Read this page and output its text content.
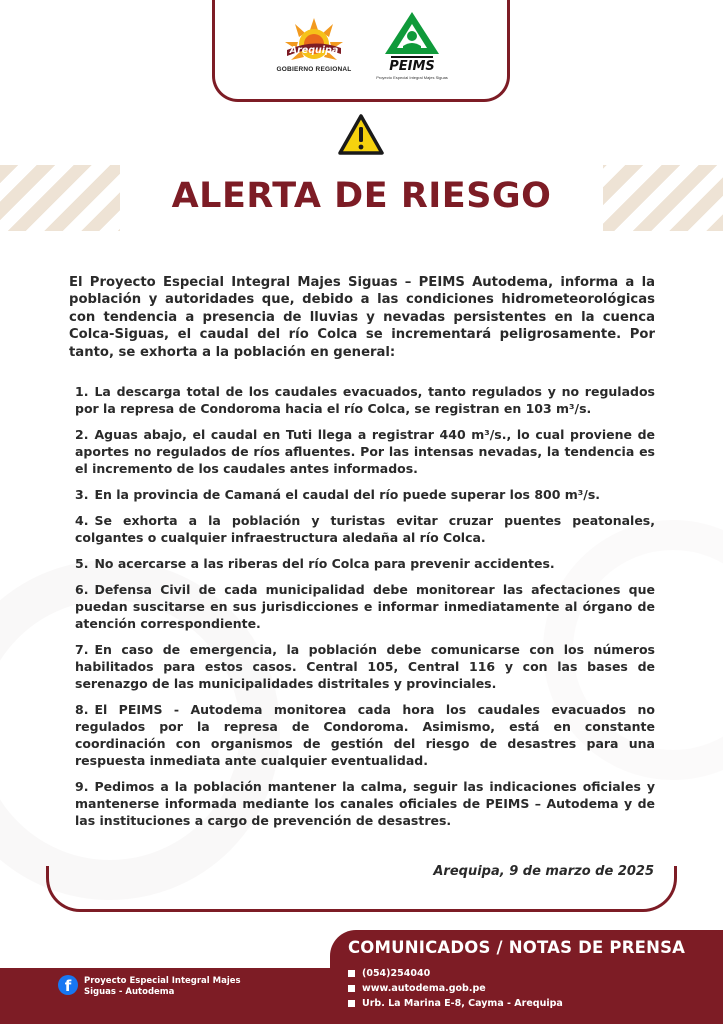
Arequipa
GOBIERNO REGIONAL	PEIMS
Proyecto Especial Integral Majes Siguas
ALERTA DE RIESGO

El Proyecto Especial Integral Majes Siguas – PEIMS Autodema, informa a la población y autoridades que, debido a las condiciones hidrometeorológicas con tendencia a presencia de lluvias y nevadas persistentes en la cuenca Colca-Siguas, el caudal del río Colca se incrementará peligrosamente. Por tanto, se exhorta a la población en general:

1. La descarga total de los caudales evacuados, tanto regulados y no regulados por la represa de Condoroma hacia el río Colca, se registran en 103 m³/s.
2. Aguas abajo, el caudal en Tuti llega a registrar 440 m³/s., lo cual proviene de aportes no regulados de ríos afluentes. Por las intensas nevadas, la tendencia es el incremento de los caudales antes informados.
3. En la provincia de Camaná el caudal del río puede superar los 800 m³/s.
4. Se exhorta a la población y turistas evitar cruzar puentes peatonales, colgantes o cualquier infraestructura aledaña al río Colca.
5. No acercarse a las riberas del río Colca para prevenir accidentes.
6. Defensa Civil de cada municipalidad debe monitorear las afectaciones que puedan suscitarse en sus jurisdicciones e informar inmediatamente al órgano de atención correspondiente.
7. En caso de emergencia, la población debe comunicarse con los números habilitados para estos casos. Central 105, Central 116 y con las bases de serenazgo de las municipalidades distritales y provinciales.
8. El PEIMS - Autodema monitorea cada hora los caudales evacuados no regulados por la represa de Condoroma. Asimismo, está en constante coordinación con organismos de gestión del riesgo de desastres para una respuesta inmediata ante cualquier eventualidad.
9. Pedimos a la población mantener la calma, seguir las indicaciones oficiales y mantenerse informada mediante los canales oficiales de PEIMS – Autodema y de las instituciones a cargo de prevención de desastres.
Arequipa, 9 de marzo de 2025
COMUNICADOS / NOTAS DE PRENSA
(054)254040
www.autodema.gob.pe
Urb. La Marina E-8, Cayma - Arequipa
f	Proyecto Especial Integral Majes Siguas - Autodema
